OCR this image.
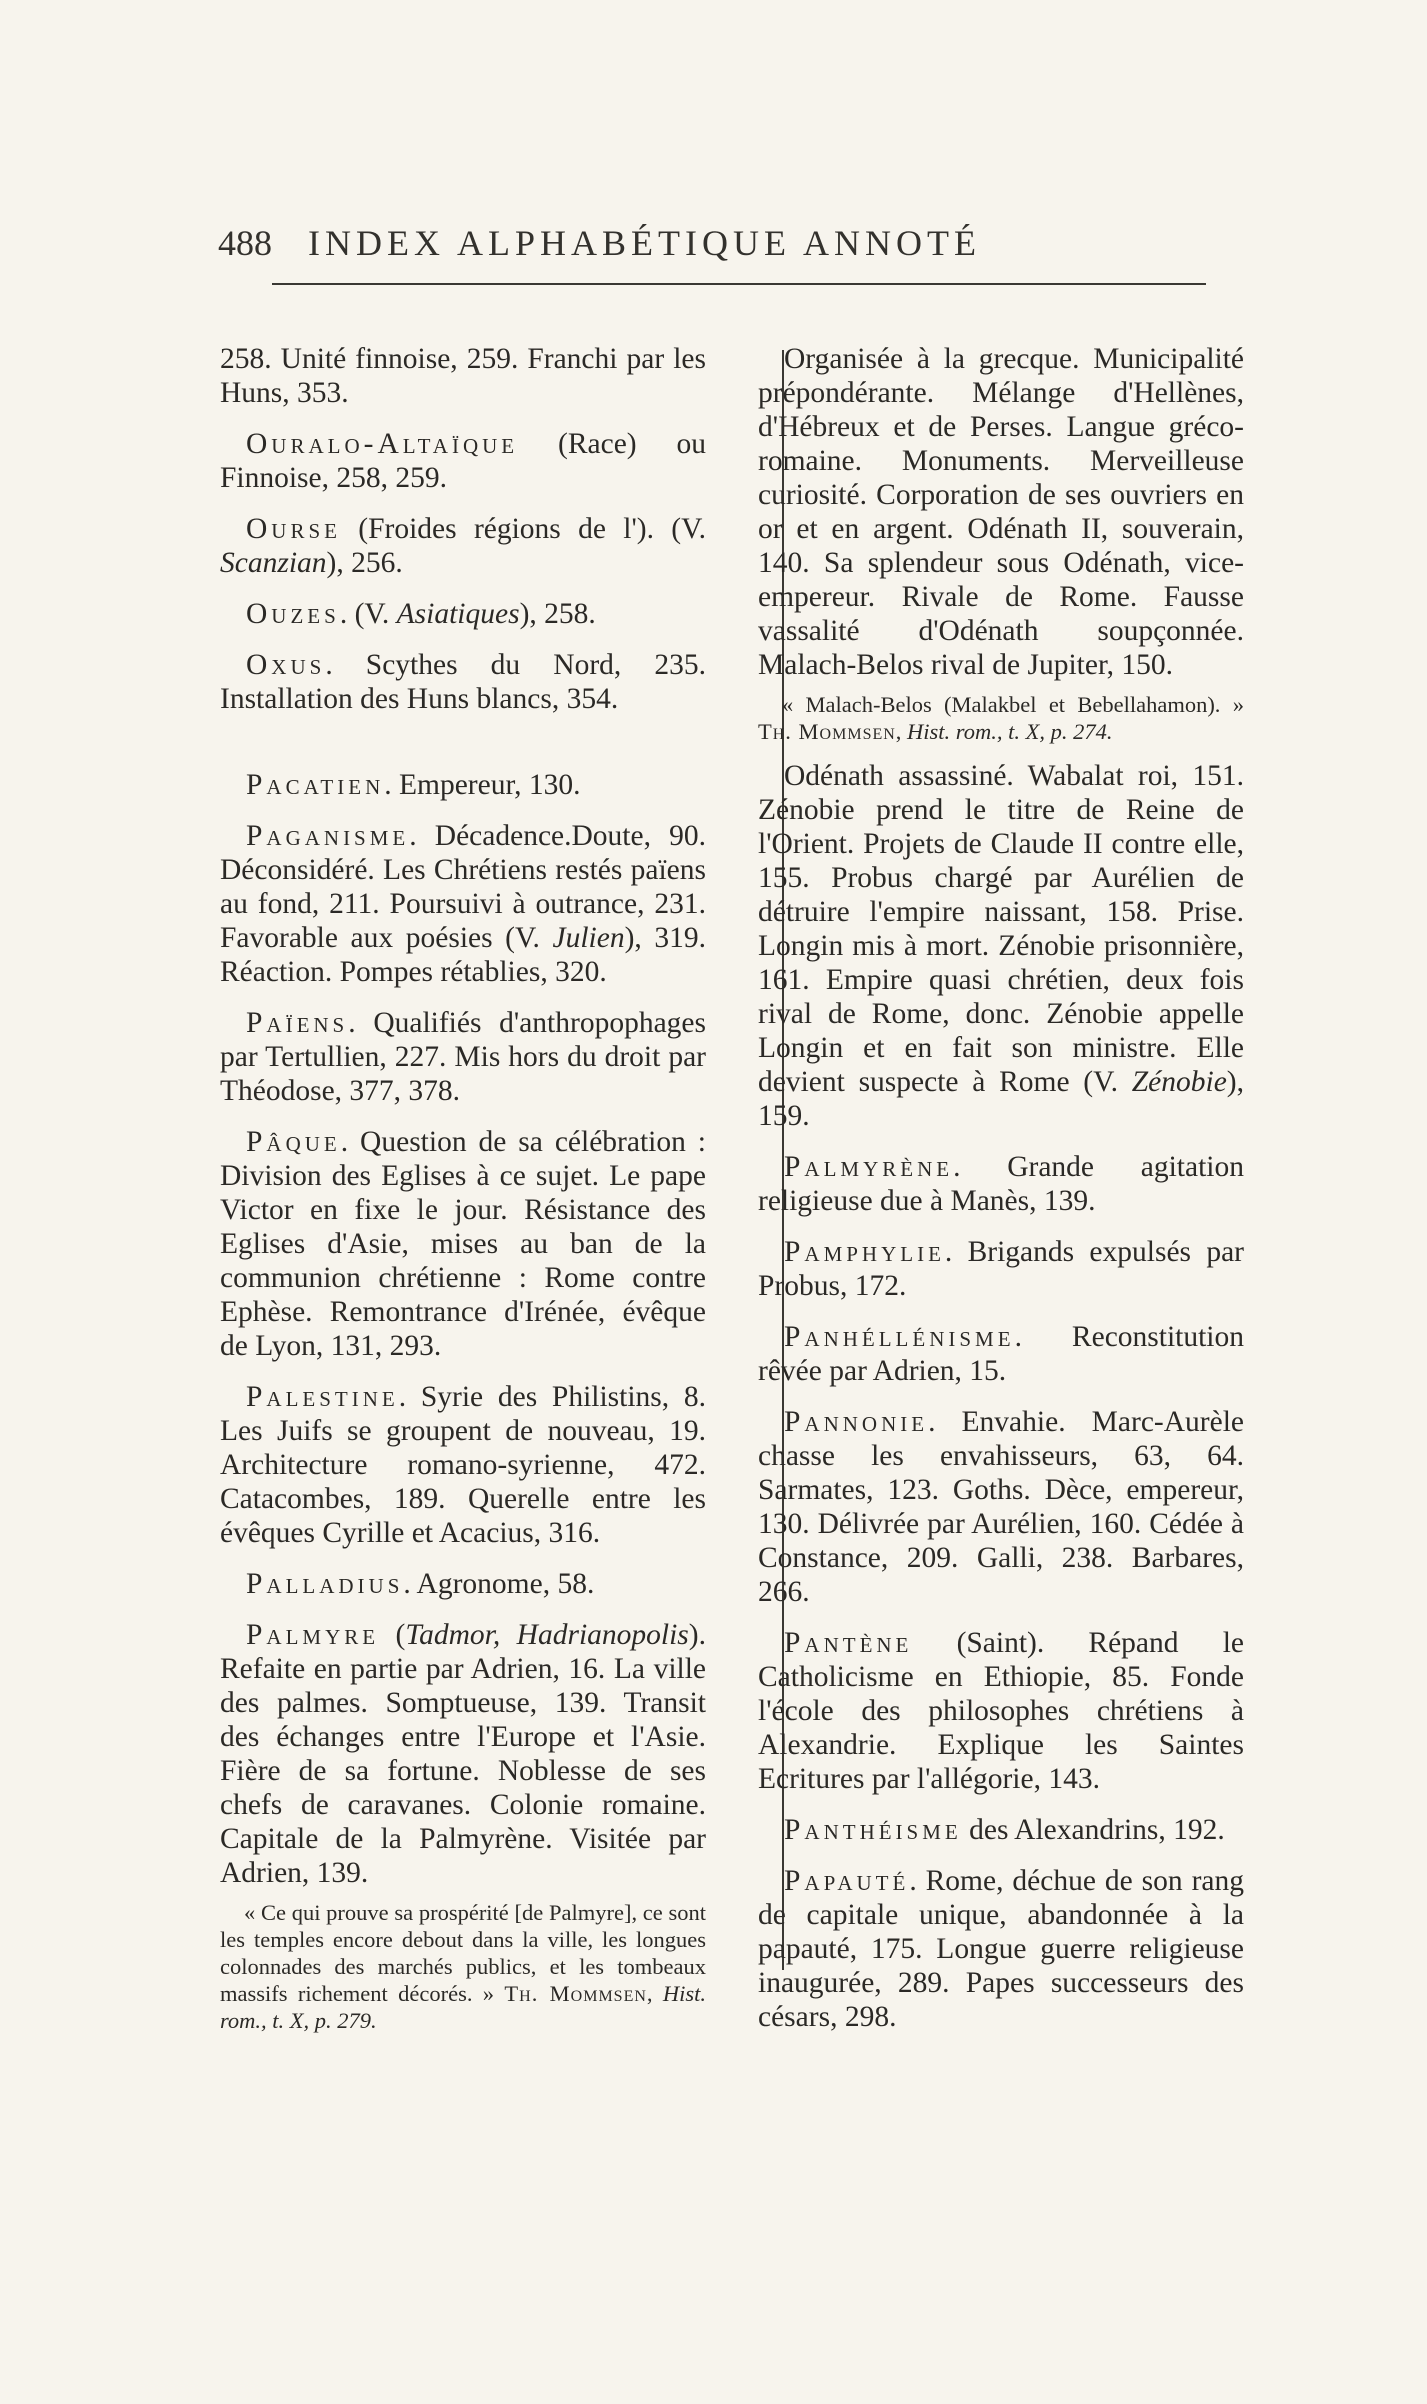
488 INDEX ALPHABÉTIQUE ANNOTÉ

258. Unité finnoise, 259. Franchi par les Huns, 353.

Ouralo-Altaïque (Race) ou Finnoise, 258, 259.

Ourse (Froides régions de l'). (V. Scanzian), 256.

Ouzes. (V. Asiatiques), 258.

Oxus. Scythes du Nord, 235. Installation des Huns blancs, 354.

Pacatien. Empereur, 130.

Paganisme. Décadence.Doute, 90. Déconsidéré. Les Chrétiens restés païens au fond, 211. Poursuivi à outrance, 231. Favorable aux poésies (V. Julien), 319. Réaction. Pompes rétablies, 320.

Païens. Qualifiés d'anthropophages par Tertullien, 227. Mis hors du droit par Théodose, 377, 378.

Pâque. Question de sa célébration : Division des Eglises à ce sujet. Le pape Victor en fixe le jour. Résistance des Eglises d'Asie, mises au ban de la communion chrétienne : Rome contre Ephèse. Remontrance d'Irénée, évêque de Lyon, 131, 293.

Palestine. Syrie des Philistins, 8. Les Juifs se groupent de nouveau, 19. Architecture romano-syrienne, 472. Catacombes, 189. Querelle entre les évêques Cyrille et Acacius, 316.

Palladius. Agronome, 58.

Palmyre (Tadmor, Hadrianopolis). Refaite en partie par Adrien, 16. La ville des palmes. Somptueuse, 139. Transit des échanges entre l'Europe et l'Asie. Fière de sa fortune. Noblesse de ses chefs de caravanes. Colonie romaine. Capitale de la Palmyrène. Visitée par Adrien, 139.

« Ce qui prouve sa prospérité [de Palmyre], ce sont les temples encore debout dans la ville, les longues colonnades des marchés publics, et les tombeaux massifs richement décorés. » Th. Mommsen, Hist. rom., t. X, p. 279.

Organisée à la grecque. Municipalité prépondérante. Mélange d'Hellènes, d'Hébreux et de Perses. Langue gréco-romaine. Monuments. Merveilleuse curiosité. Corporation de ses ouvriers en or et en argent. Odénath II, souverain, 140. Sa splendeur sous Odénath, vice-empereur. Rivale de Rome. Fausse vassalité d'Odénath soupçonnée. Malach-Belos rival de Jupiter, 150.

« Malach-Belos (Malakbel et Bebellahamon). » Th. Mommsen, Hist. rom., t. X, p. 274.

Odénath assassiné. Wabalat roi, 151. Zénobie prend le titre de Reine de l'Orient. Projets de Claude II contre elle, 155. Probus chargé par Aurélien de détruire l'empire naissant, 158. Prise. Longin mis à mort. Zénobie prisonnière, 161. Empire quasi chrétien, deux fois rival de Rome, donc. Zénobie appelle Longin et en fait son ministre. Elle devient suspecte à Rome (V. Zénobie), 159.

Palmyrène. Grande agitation religieuse due à Manès, 139.

Pamphylie. Brigands expulsés par Probus, 172.

Panhéllénisme. Reconstitution rêvée par Adrien, 15.

Pannonie. Envahie. Marc-Aurèle chasse les envahisseurs, 63, 64. Sarmates, 123. Goths. Dèce, empereur, 130. Délivrée par Aurélien, 160. Cédée à Constance, 209. Galli, 238. Barbares, 266.

Pantène (Saint). Répand le Catholicisme en Ethiopie, 85. Fonde l'école des philosophes chrétiens à Alexandrie. Explique les Saintes Ecritures par l'allégorie, 143.

Panthéisme des Alexandrins, 192.

Papauté. Rome, déchue de son rang de capitale unique, abandonnée à la papauté, 175. Longue guerre religieuse inaugurée, 289. Papes successeurs des césars, 298.
